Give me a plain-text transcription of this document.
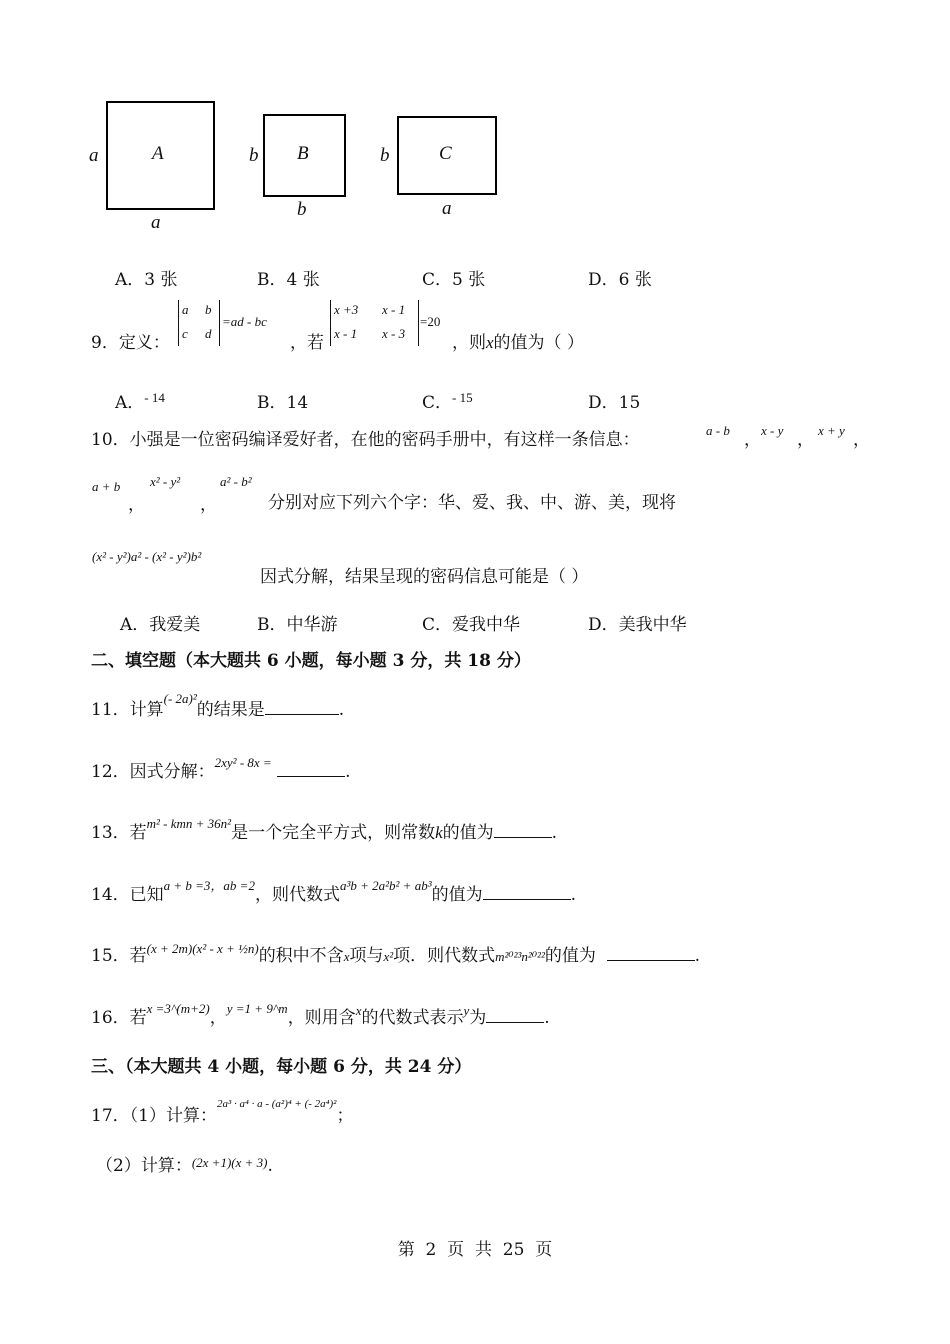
A
a
a
B
b
b
C
b
a
A．3 张	B．4 张	C．5 张	D．6 张
9．定义：
a b
c d
=ad - bc
，若
x +3 x - 1
x - 1 x - 3
=20
，则x的值为（ ）
A．$^{- 14}$	B．14	C．$^{- 15}$	D．15
10．小强是一位密码编译爱好者，在他的密码手册中，有这样一条信息：	a - b ， x - y ， x + y ，
a + b
，
x² - y²
，
a² - b²
分别对应下列六个字：华、爱、我、中、游、美，现将
(x² - y²)a² - (x² - y²)b²
因式分解，结果呈现的密码信息可能是（ ）
A．我爱美	B．中华游	C．爱我中华	D．美我中华
二、填空题（本大题共 6 小题，每小题 3 分，共 18 分）
11．计算$^{(- 2a)^2}$的结果是	.
12．因式分解：$^{2xy^2 - 8x =}$	.
13．若$^{m^2 - kmn + 36n^2}$是一个完全平方式，则常数k的值为	.
14．已知$^{a + b =3,ab =2}$，则代数式$^{a^3b + 2a^2b^2 + ab^3}$的值为	.
15．若$^{(x + 2m)(x^2 - x + \frac{1}{2}n)}$的积中不含x项与x²项．则代数式m²⁰²³n²⁰²²的值为	.
16．若$^{x =3\^{}(m+2)}$，$^{y =1 + 9\^{}m}$，则用含$^x$的代数式表示$^y$为	.
三、（本大题共 4 小题，每小题 6 分，共 24 分）
17．（1）计算：$^{2a^3 \cdot a^4 \cdot a - (a^2)^4 + (- 2a^4)^2}$；
（2）计算：$^{(2x +1)(x + 3)}$.
第  2  页  共  25  页
